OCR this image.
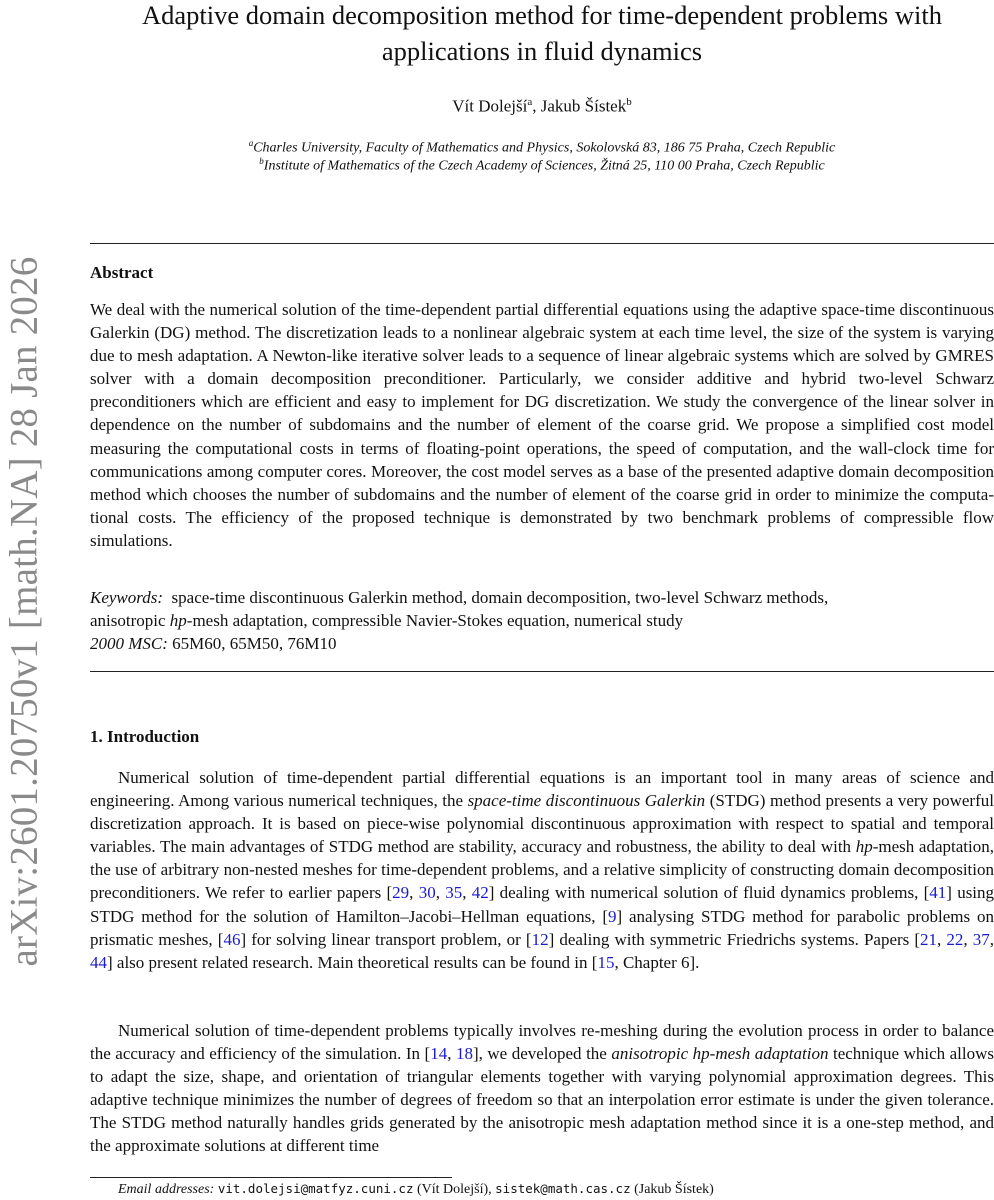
arXiv:2601.20750v1 [math.NA] 28 Jan 2026
Adaptive domain decomposition method for time-dependent problems with
applications in fluid dynamics
Vít Dolejší$^a$, Jakub Šístek$^b$
$^a$Charles University, Faculty of Mathematics and Physics, Sokolovská 83, 186 75 Praha, Czech Republic
$^b$Institute of Mathematics of the Czech Academy of Sciences, Žitná 25, 110 00 Praha, Czech Republic
Abstract
We deal with the numerical solution of the time-dependent partial differential equations using the adaptive space-time discontinuous Galerkin (DG) method. The discretization leads to a nonlinear algebraic system at each time level, the size of the system is varying due to mesh adaptation. A Newton-like iterative solver leads to a sequence of linear algebraic systems which are solved by GMRES solver with a domain decomposition preconditioner. Particularly, we consider additive and hybrid two-level Schwarz preconditioners which are efficient and easy to implement for DG discretization. We study the convergence of the linear solver in dependence on the number of subdomains and the number of element of the coarse grid. We propose a simplified cost model measuring the computational costs in terms of floating-point operations, the speed of computation, and the wall-clock time for communications among computer cores. Moreover, the cost model serves as a base of the presented adaptive domain decomposition method which chooses the number of subdomains and the number of element of the coarse grid in order to minimize the computational costs. The efficiency of the proposed technique is demonstrated by two benchmark problems of compressible flow simulations.
Keywords: space-time discontinuous Galerkin method, domain decomposition, two-level Schwarz methods,
anisotropic hp-mesh adaptation, compressible Navier-Stokes equation, numerical study
2000 MSC: 65M60, 65M50, 76M10
1. Introduction
Numerical solution of time-dependent partial differential equations is an important tool in many areas of science and engineering. Among various numerical techniques, the space-time discontinuous Galerkin (STDG) method presents a very powerful discretization approach. It is based on piece-wise polynomial discontinuous approximation with respect to spatial and temporal variables. The main advantages of STDG method are stability, accuracy and robustness, the ability to deal with hp-mesh adaptation, the use of arbitrary non-nested meshes for time-dependent problems, and a relative simplicity of constructing domain decomposition preconditioners. We refer to earlier papers [29, 30, 35, 42] dealing with numerical solution of fluid dynamics problems, [41] using STDG method for the solution of Hamilton–Jacobi–Hellman equations, [9] analysing STDG method for parabolic problems on prismatic meshes, [46] for solving linear transport problem, or [12] dealing with symmetric Friedrichs systems. Papers [21, 22, 37, 44] also present related research. Main theoretical results can be found in [15, Chapter 6].
Numerical solution of time-dependent problems typically involves re-meshing during the evolution process in order to balance the accuracy and efficiency of the simulation. In [14, 18], we developed the anisotropic hp-mesh adaptation technique which allows to adapt the size, shape, and orientation of triangular elements together with varying polynomial approximation degrees. This adaptive technique minimizes the number of degrees of freedom so that an interpolation error estimate is under the given tolerance. The STDG method naturally handles grids generated by the anisotropic mesh adaptation method since it is a one-step method, and the approximate solutions at different time
Email addresses: vit.dolejsi@matfyz.cuni.cz (Vít Dolejší), sistek@math.cas.cz (Jakub Šístek)
